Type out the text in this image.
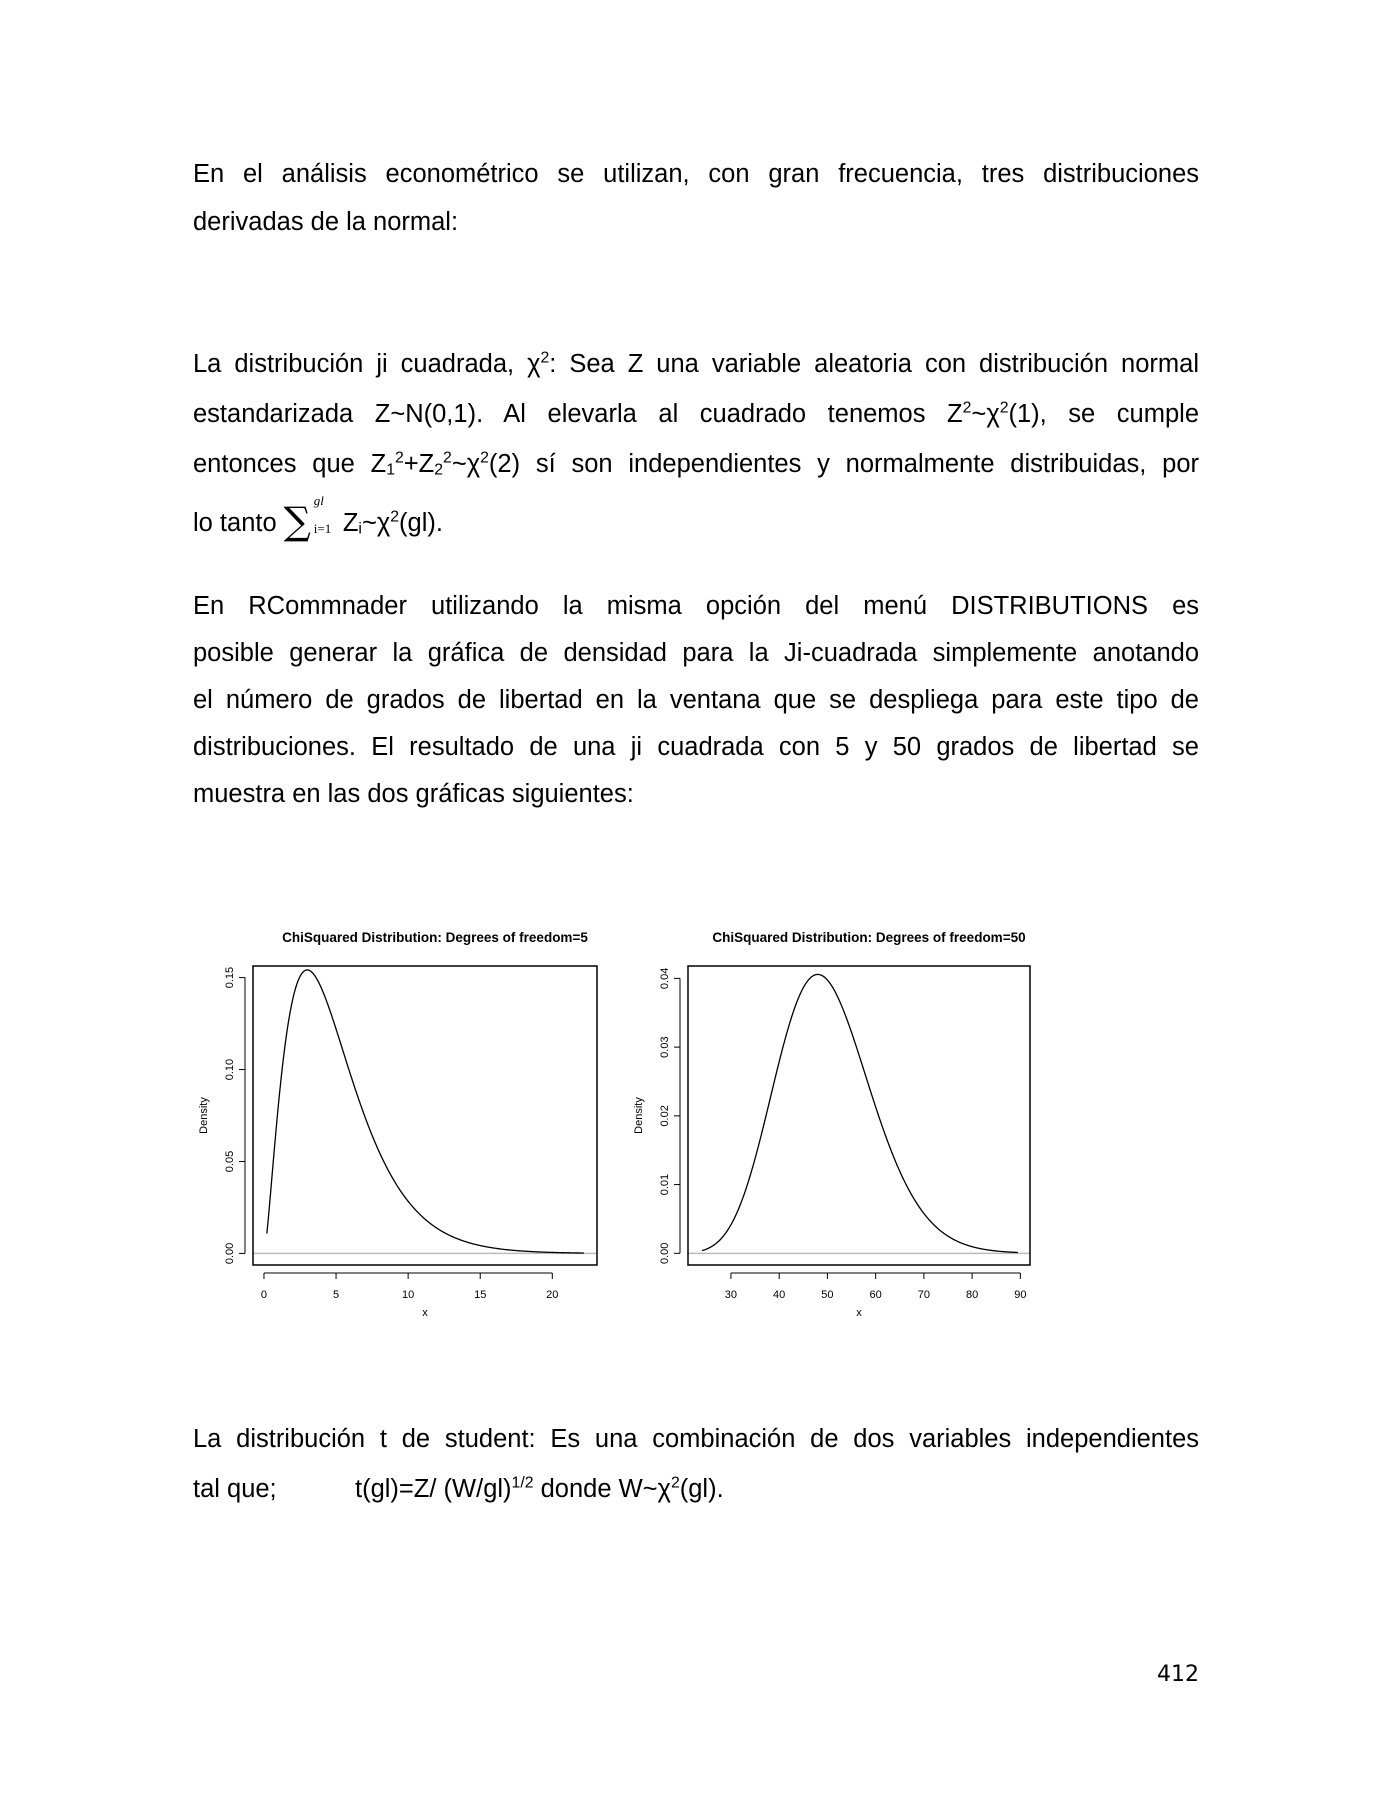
En el análisis econométrico se utilizan, con gran frecuencia, tres distribuciones
derivadas de la normal:
La distribución ji cuadrada, $\chi^2$: Sea Z una variable aleatoria con distribución normal
estandarizada Z~N(0,1). Al elevarla al cuadrado tenemos $Z^2\sim\chi^2(1)$, se cumple
entonces que $Z_1^2+Z_2^2\sim\chi^2(2)$ sí son independientes y normalmente distribuidas, por
lo tanto ∑ gl
i=1 $Z_i\sim\chi^2(gl)$.
En RCommnader utilizando la misma opción del menú DISTRIBUTIONS es
posible generar la gráfica de densidad para la Ji-cuadrada simplemente anotando
el número de grados de libertad en la ventana que se despliega para este tipo de
distribuciones. El resultado de una ji cuadrada con 5 y 50 grados de libertad se
muestra en las dos gráficas siguientes:
ChiSquared Distribution: Degrees of freedom=5
0	5	10	15	20
x
0.00
0.05
0.10
0.15
Density
ChiSquared Distribution: Degrees of freedom=50
30	40	50	60	70	80	90
x
0.00
0.01
0.02
0.03
0.04
Density
La distribución t de student: Es una combinación de dos variables independientes
tal que;	t(gl)=Z/ $(W/gl)^{1/2}$ donde $W\sim\chi^2(gl)$.
412
